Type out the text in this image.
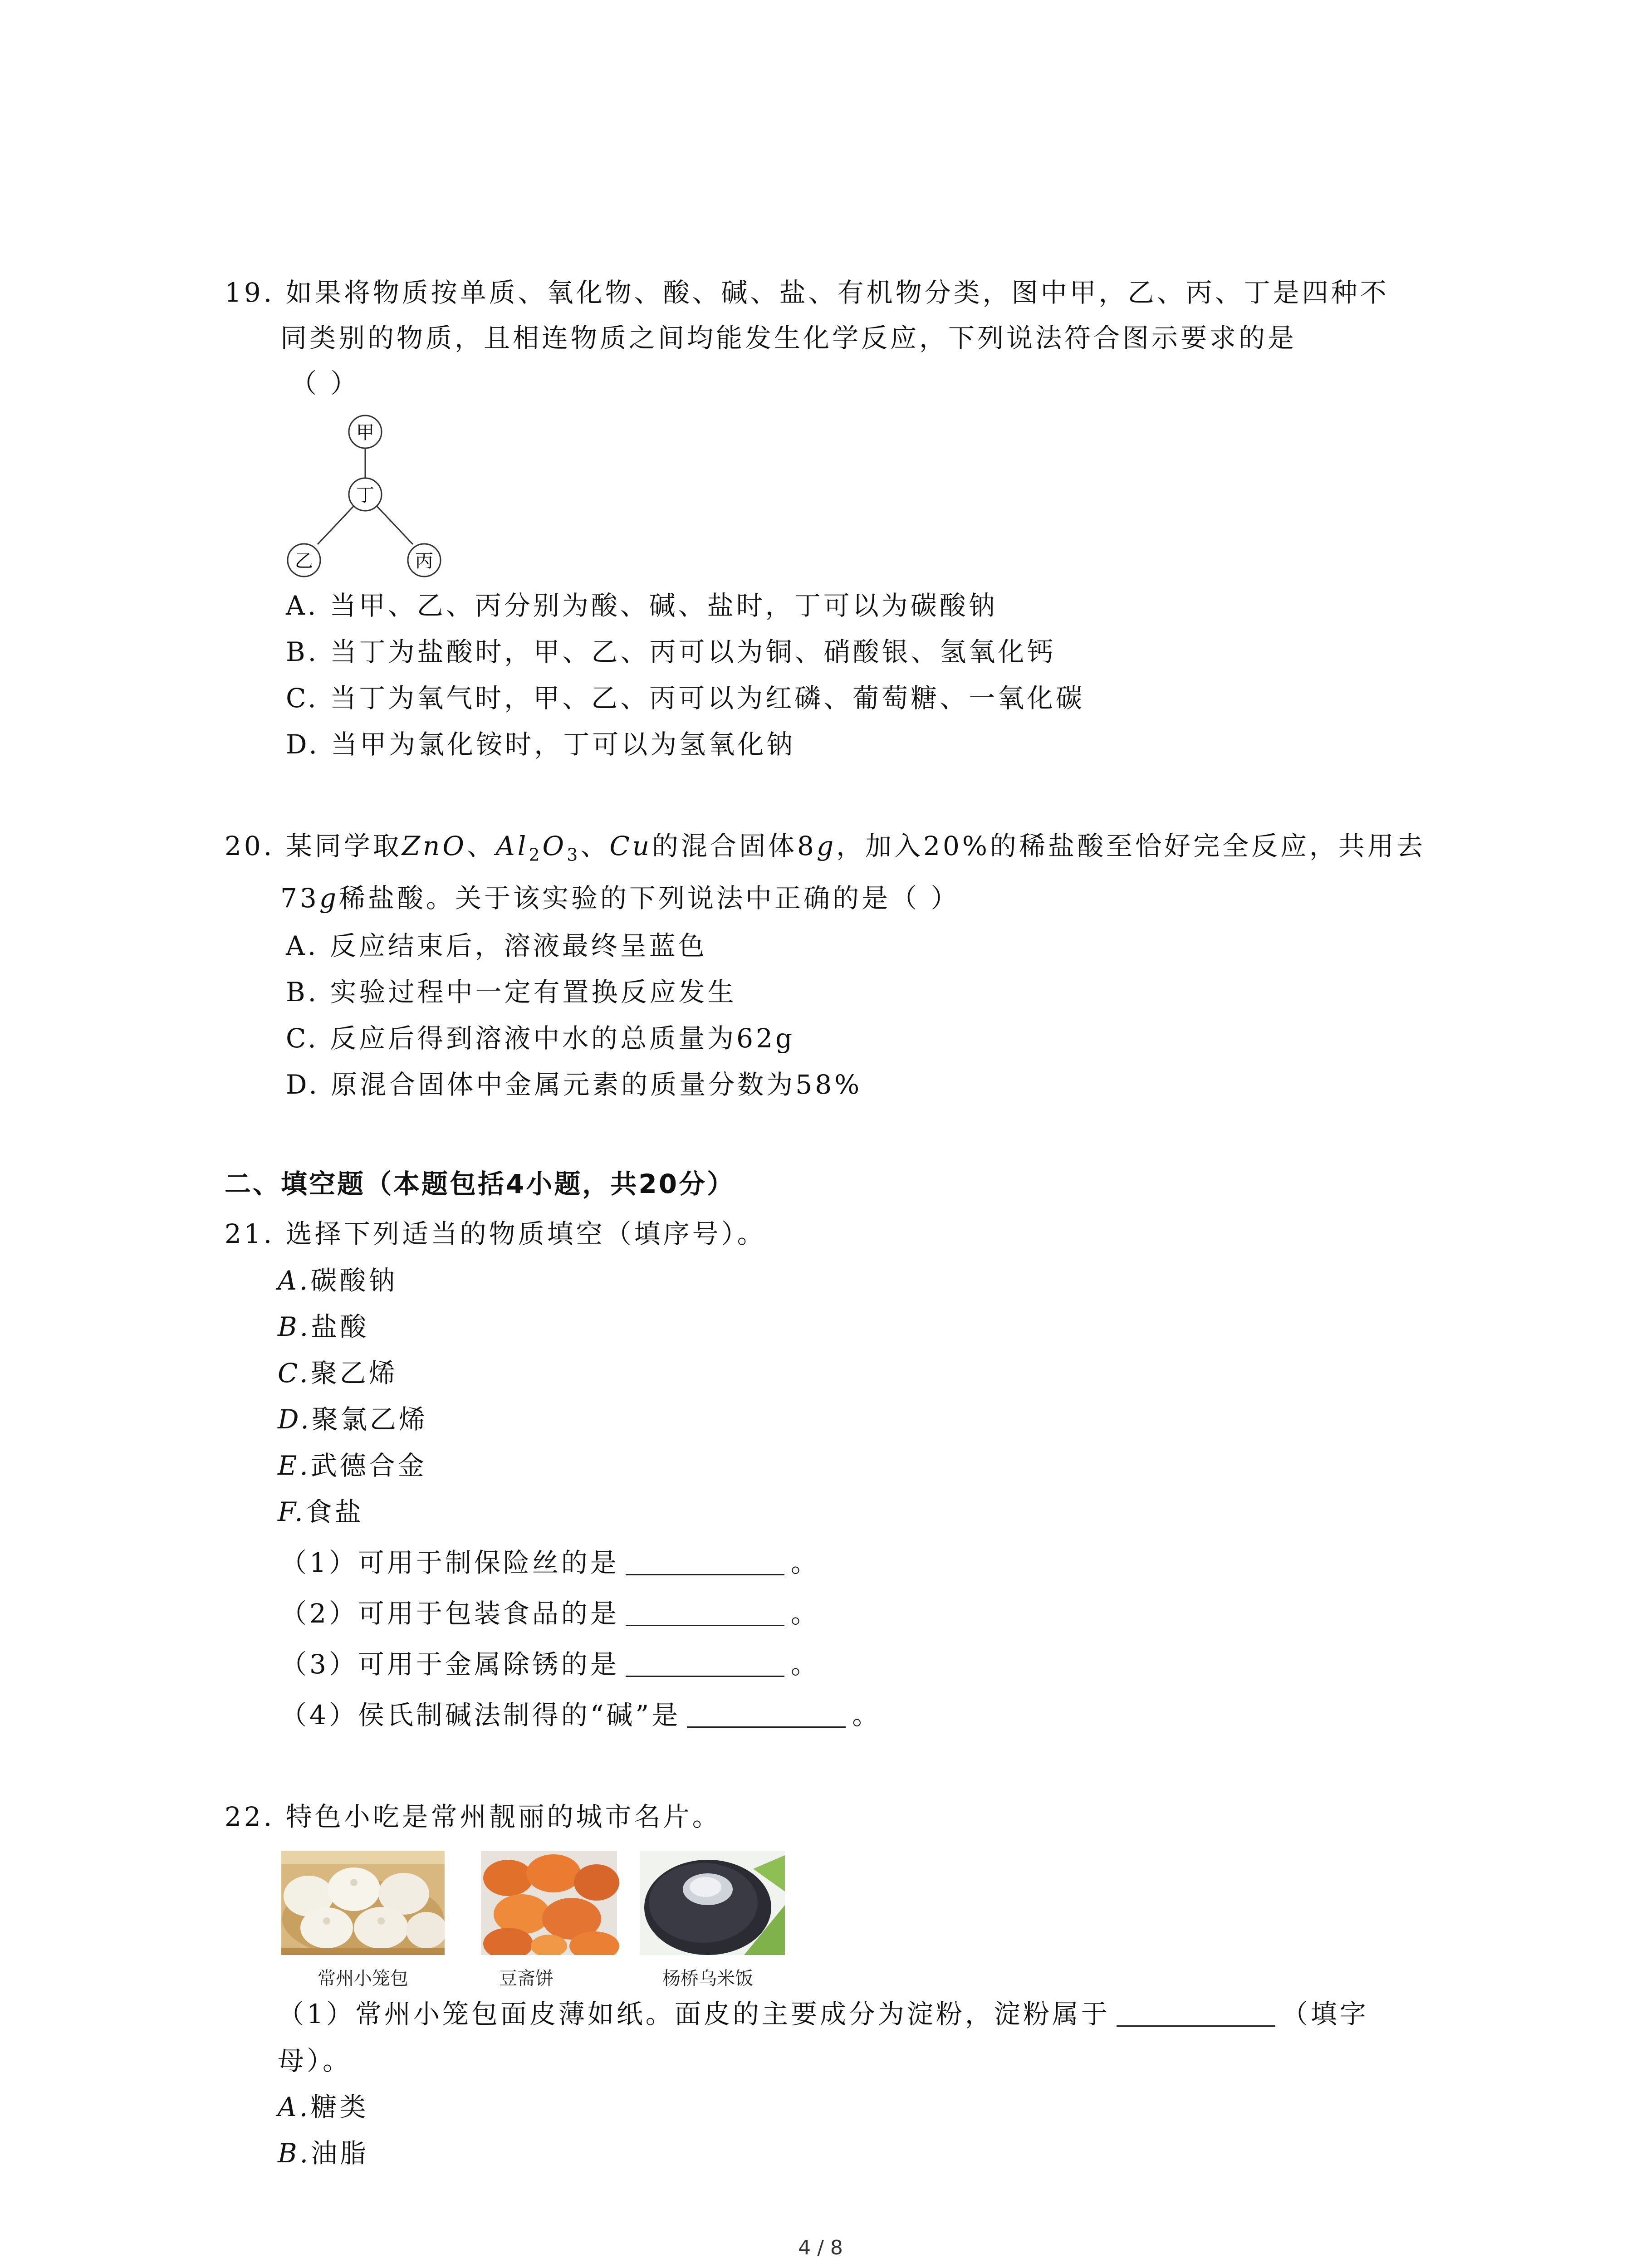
19. 如果将物质按单质、氧化物、酸、碱、盐、有机物分类，图中甲，乙、丙、丁是四种不
同类别的物质，且相连物质之间均能发生化学反应，下列说法符合图示要求的是
（ ）
甲
丁
乙	丙
A. 当甲、乙、丙分别为酸、碱、盐时，丁可以为碳酸钠
B. 当丁为盐酸时，甲、乙、丙可以为铜、硝酸银、氢氧化钙
C. 当丁为氧气时，甲、乙、丙可以为红磷、葡萄糖、一氧化碳
D. 当甲为氯化铵时，丁可以为氢氧化钠
20. 某同学取ZnO、$Al_2O_3$、Cu的混合固体8g，加入20%的稀盐酸至恰好完全反应，共用去
73g稀盐酸。关于该实验的下列说法中正确的是（ ）
A. 反应结束后，溶液最终呈蓝色
B. 实验过程中一定有置换反应发生
C. 反应后得到溶液中水的总质量为62g
D. 原混合固体中金属元素的质量分数为58%
二、填空题（本题包括4小题，共20分）
21. 选择下列适当的物质填空（填序号）。
A.碳酸钠
B.盐酸
C.聚乙烯
D.聚氯乙烯
E.武德合金
F.食盐
（1）可用于制保险丝的是	。
（2）可用于包装食品的是	。
（3）可用于金属除锈的是	。
（4）侯氏制碱法制得的“碱”是	。
22. 特色小吃是常州靓丽的城市名片。
常州小笼包	豆斋饼	杨桥乌米饭
（1）常州小笼包面皮薄如纸。面皮的主要成分为淀粉，淀粉属于	（填字
母）。
A.糖类
B.油脂
4 / 8
